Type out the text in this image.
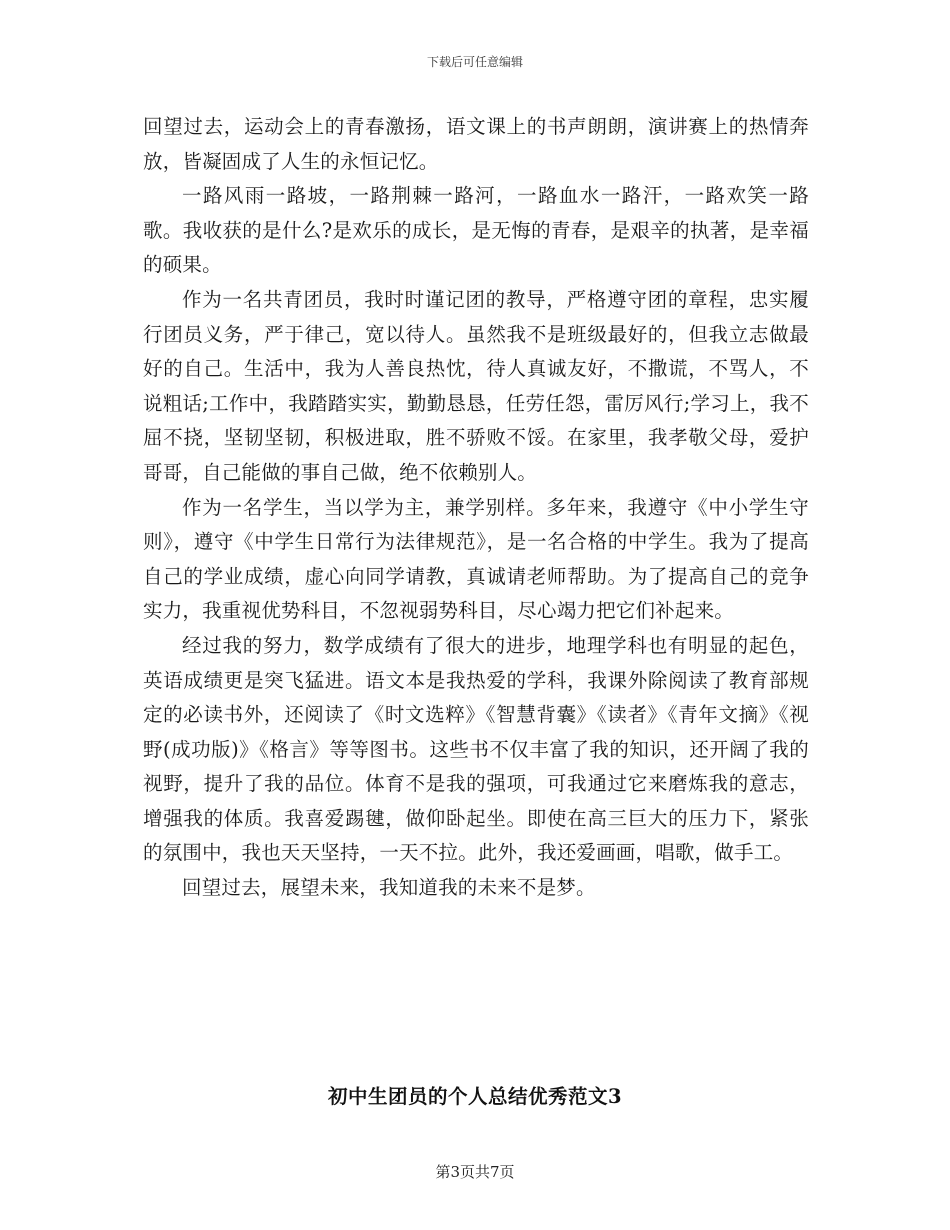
下载后可任意编辑

回望过去，运动会上的青春激扬，语文课上的书声朗朗，演讲赛上的热情奔放，皆凝固成了人生的永恒记忆。

一路风雨一路坡，一路荆棘一路河，一路血水一路汗，一路欢笑一路歌。我收获的是什么?是欢乐的成长，是无悔的青春，是艰辛的执著，是幸福的硕果。

作为一名共青团员，我时时谨记团的教导，严格遵守团的章程，忠实履行团员义务，严于律己，宽以待人。虽然我不是班级最好的，但我立志做最好的自己。生活中，我为人善良热忱，待人真诚友好，不撒谎，不骂人，不说粗话;工作中，我踏踏实实，勤勤恳恳，任劳任怨，雷厉风行;学习上，我不屈不挠，坚韧坚韧，积极进取，胜不骄败不馁。在家里，我孝敬父母，爱护哥哥，自己能做的事自己做，绝不依赖别人。

作为一名学生，当以学为主，兼学别样。多年来，我遵守《中小学生守则》，遵守《中学生日常行为法律规范》，是一名合格的中学生。我为了提高自己的学业成绩，虚心向同学请教，真诚请老师帮助。为了提高自己的竞争实力，我重视优势科目，不忽视弱势科目，尽心竭力把它们补起来。

经过我的努力，数学成绩有了很大的进步，地理学科也有明显的起色，英语成绩更是突飞猛进。语文本是我热爱的学科，我课外除阅读了教育部规定的必读书外，还阅读了《时文选粹》《智慧背囊》《读者》《青年文摘》《视野(成功版)》《格言》等等图书。这些书不仅丰富了我的知识，还开阔了我的视野，提升了我的品位。体育不是我的强项，可我通过它来磨炼我的意志，增强我的体质。我喜爱踢毽，做仰卧起坐。即使在高三巨大的压力下，紧张的氛围中，我也天天坚持，一天不拉。此外，我还爱画画，唱歌，做手工。

回望过去，展望未来，我知道我的未来不是梦。

初中生团员的个人总结优秀范文3
第3页共7页
